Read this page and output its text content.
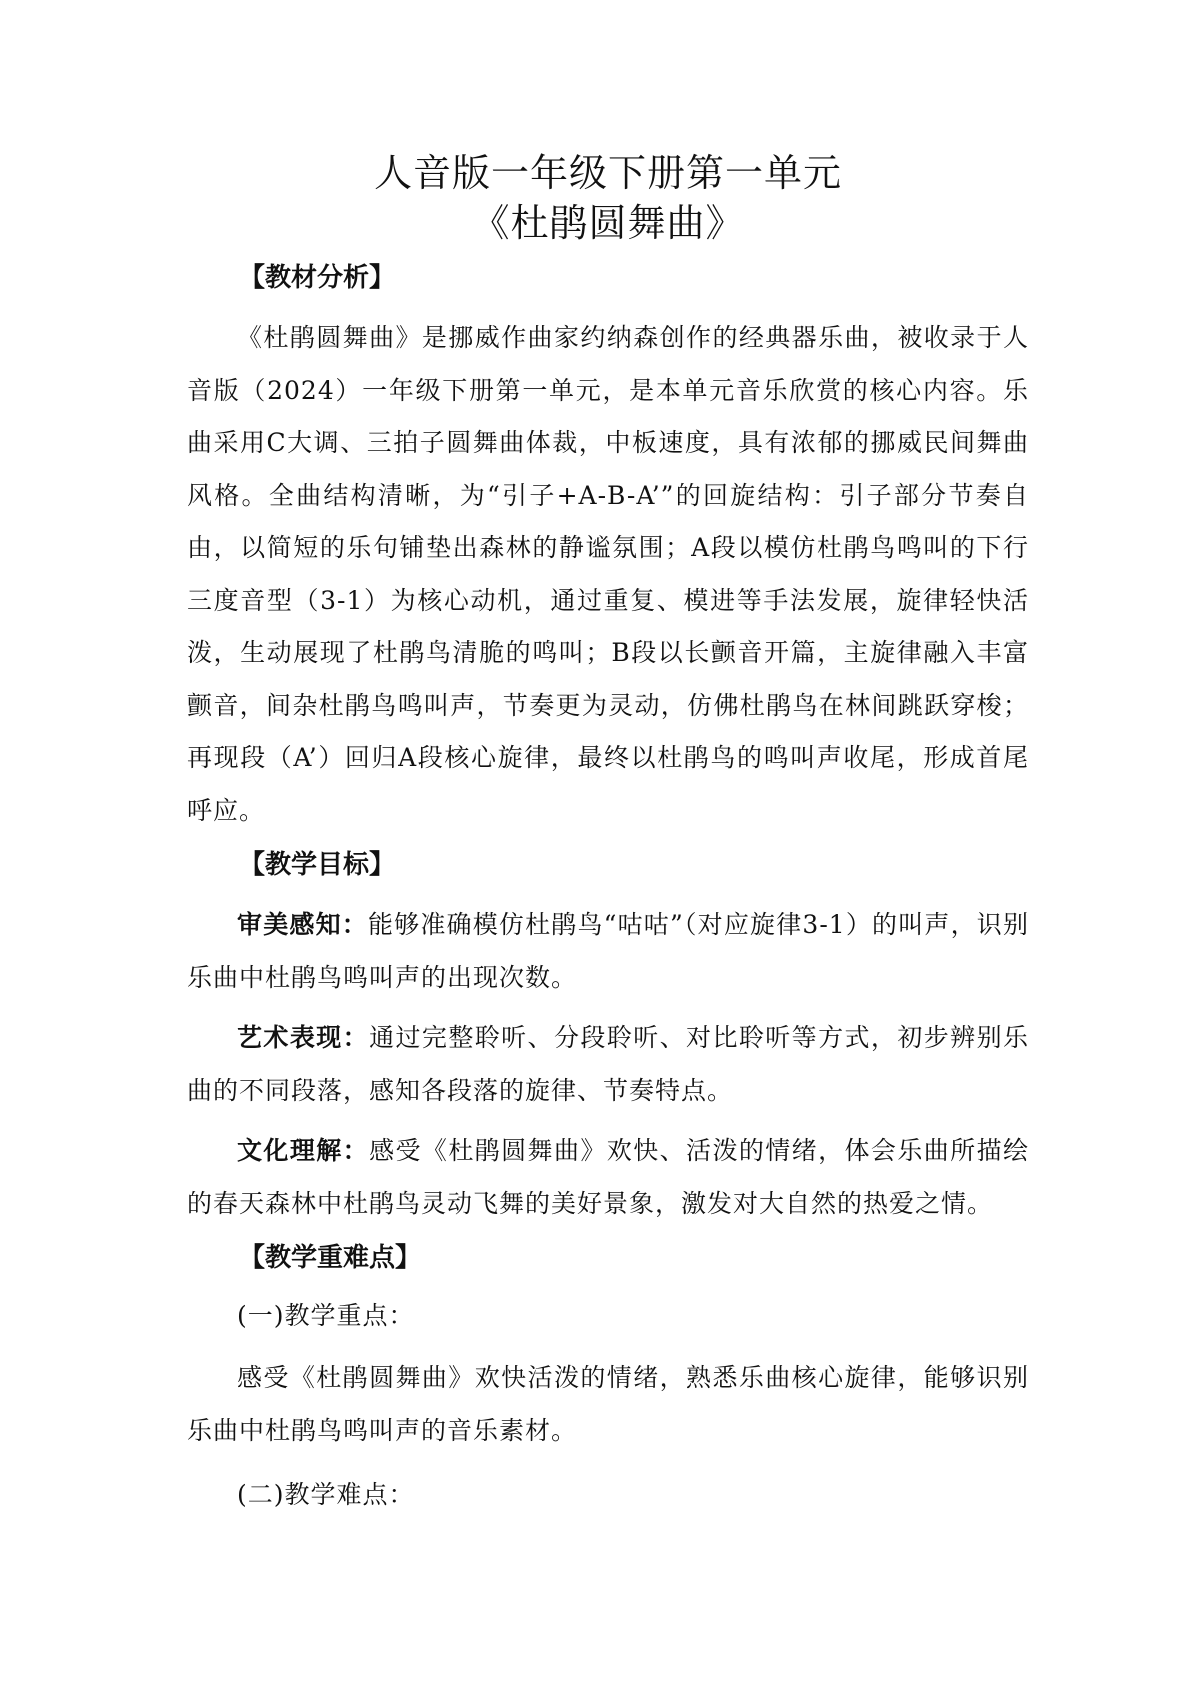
人音版一年级下册第一单元
《杜鹃圆舞曲》
【教材分析】

《杜鹃圆舞曲》是挪威作曲家约纳森创作的经典器乐曲，被收录于人音版（2024）一年级下册第一单元，是本单元音乐欣赏的核心内容。乐曲采用C大调、三拍子圆舞曲体裁，中板速度，具有浓郁的挪威民间舞曲风格。全曲结构清晰，为“引子+A-B-A’”的回旋结构：引子部分节奏自由，以简短的乐句铺垫出森林的静谧氛围；A段以模仿杜鹃鸟鸣叫的下行三度音型（3-1）为核心动机，通过重复、模进等手法发展，旋律轻快活泼，生动展现了杜鹃鸟清脆的鸣叫；B段以长颤音开篇，主旋律融入丰富颤音，间杂杜鹃鸟鸣叫声，节奏更为灵动，仿佛杜鹃鸟在林间跳跃穿梭；再现段（A’）回归A段核心旋律，最终以杜鹃鸟的鸣叫声收尾，形成首尾呼应。

【教学目标】

审美感知：能够准确模仿杜鹃鸟“咕咕”（对应旋律3-1）的叫声，识别乐曲中杜鹃鸟鸣叫声的出现次数。

艺术表现：通过完整聆听、分段聆听、对比聆听等方式，初步辨别乐曲的不同段落，感知各段落的旋律、节奏特点。

文化理解：感受《杜鹃圆舞曲》欢快、活泼的情绪，体会乐曲所描绘的春天森林中杜鹃鸟灵动飞舞的美好景象，激发对大自然的热爱之情。

【教学重难点】

(一)教学重点：

感受《杜鹃圆舞曲》欢快活泼的情绪，熟悉乐曲核心旋律，能够识别乐曲中杜鹃鸟鸣叫声的音乐素材。

(二)教学难点：
